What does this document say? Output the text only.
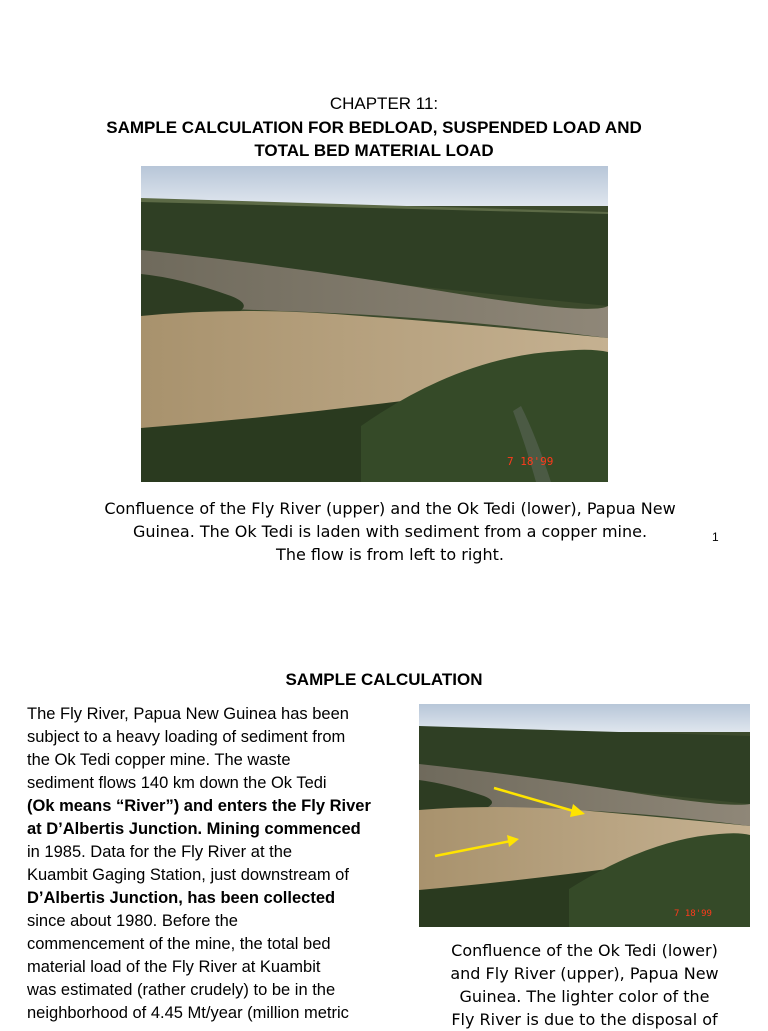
CHAPTER 11:
SAMPLE CALCULATION FOR BEDLOAD, SUSPENDED LOAD AND
TOTAL BED MATERIAL LOAD
7 18'99
Confluence of the Fly River (upper) and the Ok Tedi (lower), Papua New
Guinea. The Ok Tedi is laden with sediment from a copper mine.
The flow is from left to right.
1
SAMPLE CALCULATION
The Fly River, Papua New Guinea has been
subject to a heavy loading of sediment from
the Ok Tedi copper mine. The waste
sediment flows 140 km down the Ok Tedi
(Ok means “River”) and enters the Fly River
at D’Albertis Junction. Mining commenced
in 1985. Data for the Fly River at the
Kuambit Gaging Station, just downstream of
D’Albertis Junction, has been collected
since about 1980. Before the
commencement of the mine, the total bed
material load of the Fly River at Kuambit
was estimated (rather crudely) to be in the
neighborhood of 4.45 Mt/year (million metric
7 18'99
Confluence of the Ok Tedi (lower)
and Fly River (upper), Papua New
Guinea. The lighter color of the
Fly River is due to the disposal of
